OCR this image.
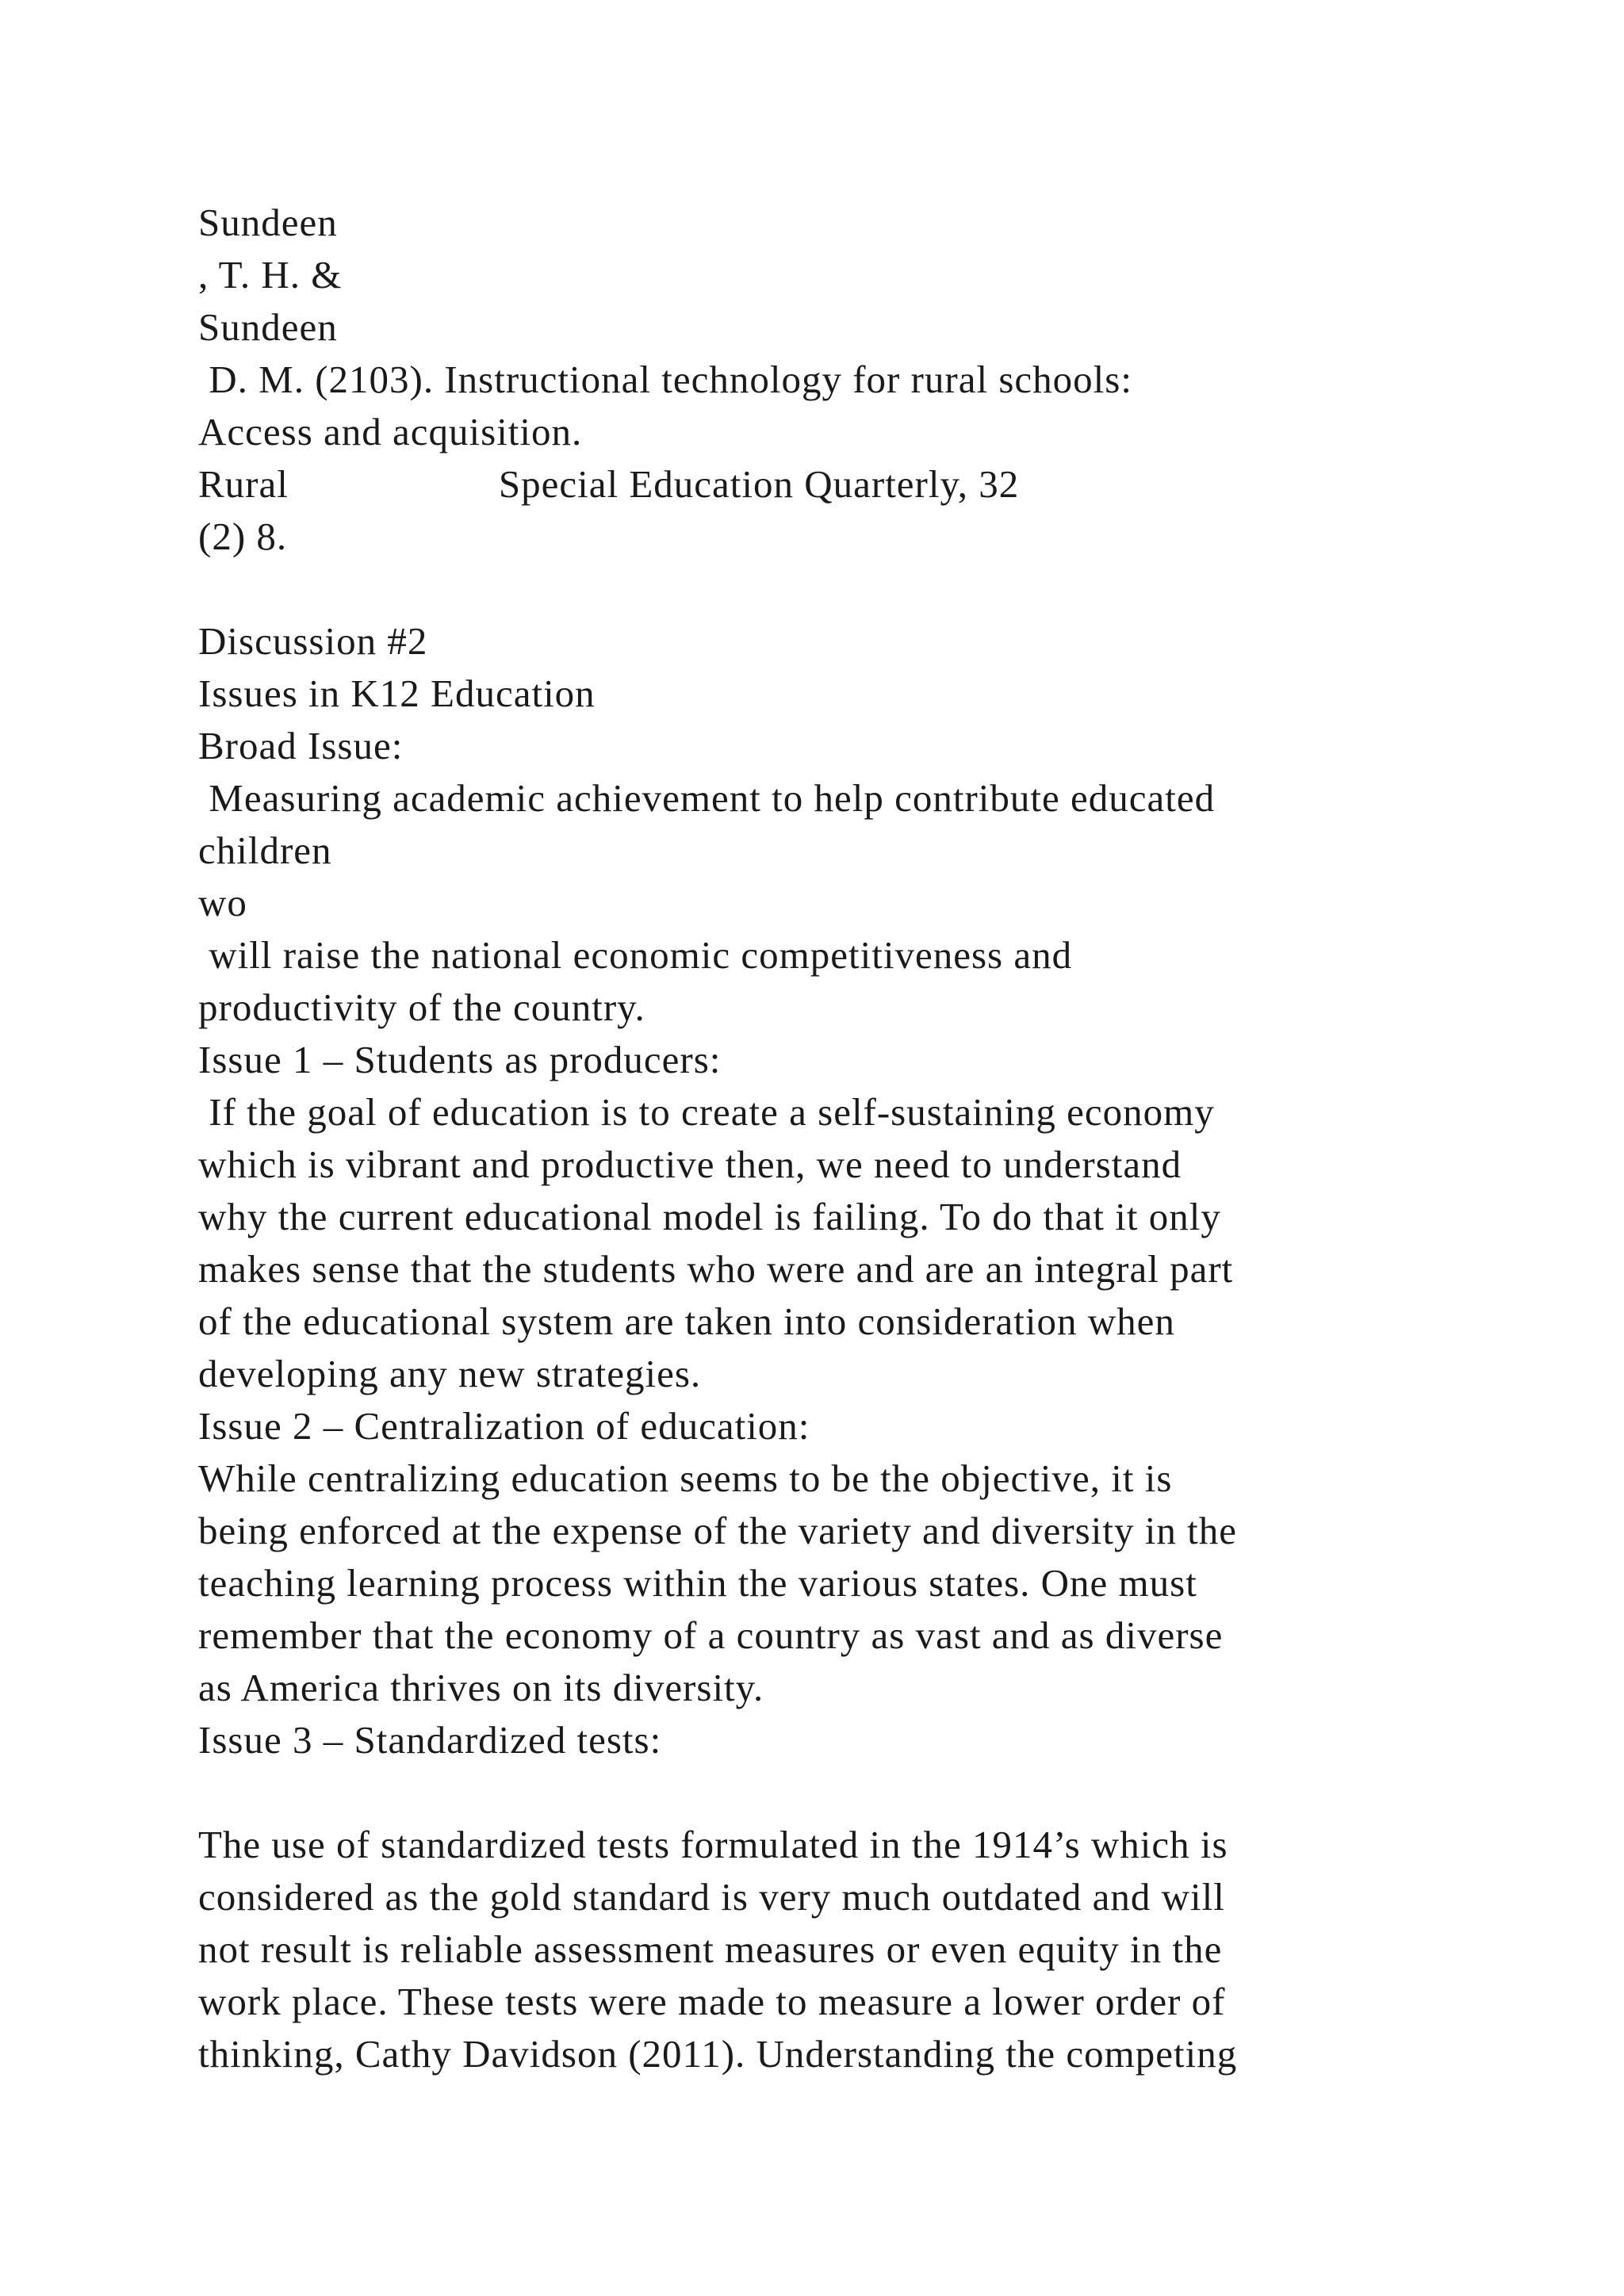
Sundeen
, T. H. &
Sundeen
D. M. (2103). Instructional technology for rural schools:
Access and acquisition.
Rural                    Special Education Quarterly, 32
(2) 8.
Discussion #2
Issues in K12 Education
Broad Issue:
Measuring academic achievement to help contribute educated
children
wo
will raise the national economic competitiveness and
productivity of the country.
Issue 1 – Students as producers:
If the goal of education is to create a self-sustaining economy
which is vibrant and productive then, we need to understand
why the current educational model is failing. To do that it only
makes sense that the students who were and are an integral part
of the educational system are taken into consideration when
developing any new strategies.
Issue 2 – Centralization of education:
While centralizing education seems to be the objective, it is
being enforced at the expense of the variety and diversity in the
teaching learning process within the various states. One must
remember that the economy of a country as vast and as diverse
as America thrives on its diversity.
Issue 3 – Standardized tests:
The use of standardized tests formulated in the 1914’s which is
considered as the gold standard is very much outdated and will
not result is reliable assessment measures or even equity in the
work place. These tests were made to measure a lower order of
thinking, Cathy Davidson (2011). Understanding the competing
